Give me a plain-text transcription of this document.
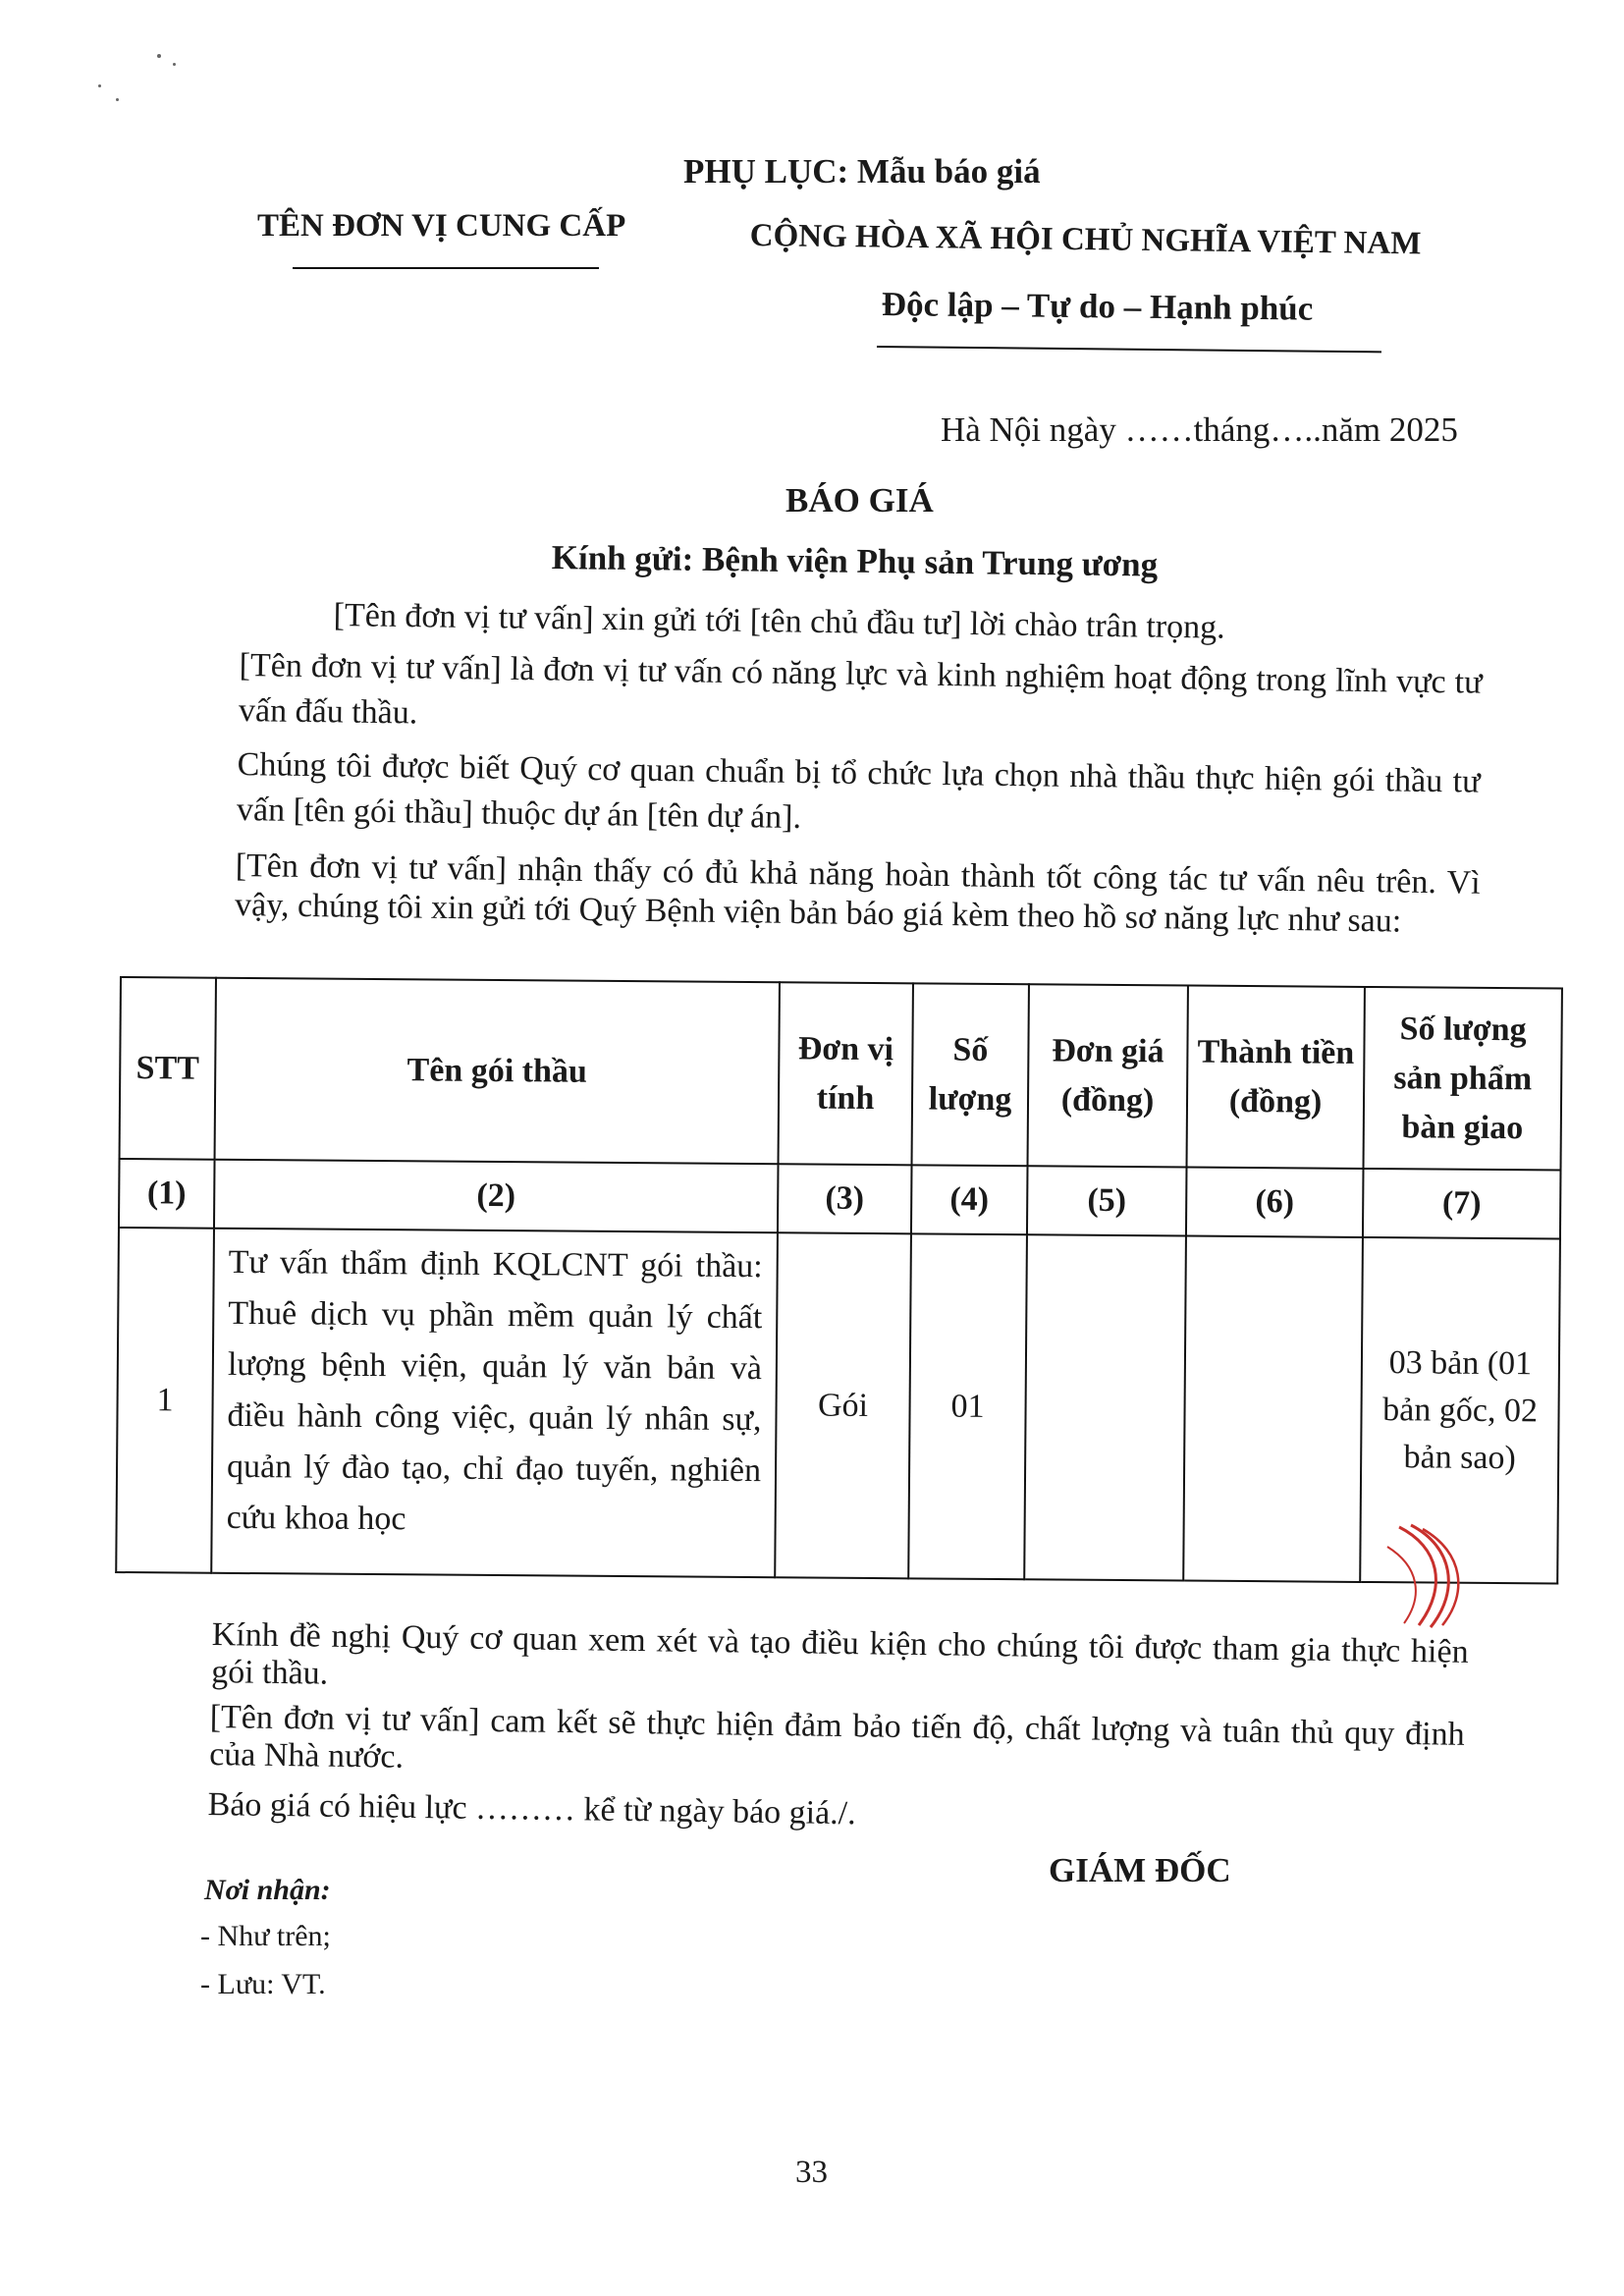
PHỤ LỤC: Mẫu báo giá
TÊN ĐƠN VỊ CUNG CẤP	CỘNG HÒA XÃ HỘI CHỦ NGHĨA VIỆT NAM
Độc lập – Tự do – Hạnh phúc
Hà Nội ngày ……tháng…..năm 2025
BÁO GIÁ
Kính gửi: Bệnh viện Phụ sản Trung ương
[Tên đơn vị tư vấn] xin gửi tới [tên chủ đầu tư] lời chào trân trọng.
[Tên đơn vị tư vấn] là đơn vị tư vấn có năng lực và kinh nghiệm hoạt động trong lĩnh vực tư vấn đấu thầu.
Chúng tôi được biết Quý cơ quan chuẩn bị tổ chức lựa chọn nhà thầu thực hiện gói thầu tư vấn [tên gói thầu] thuộc dự án [tên dự án].
[Tên đơn vị tư vấn] nhận thấy có đủ khả năng hoàn thành tốt công tác tư vấn nêu trên. Vì vậy, chúng tôi xin gửi tới Quý Bệnh viện bản báo giá kèm theo hồ sơ năng lực như sau:
STT	Tên gói thầu	Đơn vị tính	Số lượng	Đơn giá (đồng)	Thành tiền (đồng)	Số lượng sản phẩm bàn giao
(1)	(2)	(3)	(4)	(5)	(6)	(7)
1	Tư vấn thẩm định KQLCNT gói thầu: Thuê dịch vụ phần mềm quản lý chất lượng bệnh viện, quản lý văn bản và điều hành công việc, quản lý nhân sự, quản lý đào tạo, chỉ đạo tuyến, nghiên cứu khoa học	Gói	01			03 bản (01 bản gốc, 02 bản sao)
Kính đề nghị Quý cơ quan xem xét và tạo điều kiện cho chúng tôi được tham gia thực hiện gói thầu.
[Tên đơn vị tư vấn] cam kết sẽ thực hiện đảm bảo tiến độ, chất lượng và tuân thủ quy định của Nhà nước.
Báo giá có hiệu lực ……… kể từ ngày báo giá./.
GIÁM ĐỐC
Nơi nhận:
- Như trên;
- Lưu: VT.
33
